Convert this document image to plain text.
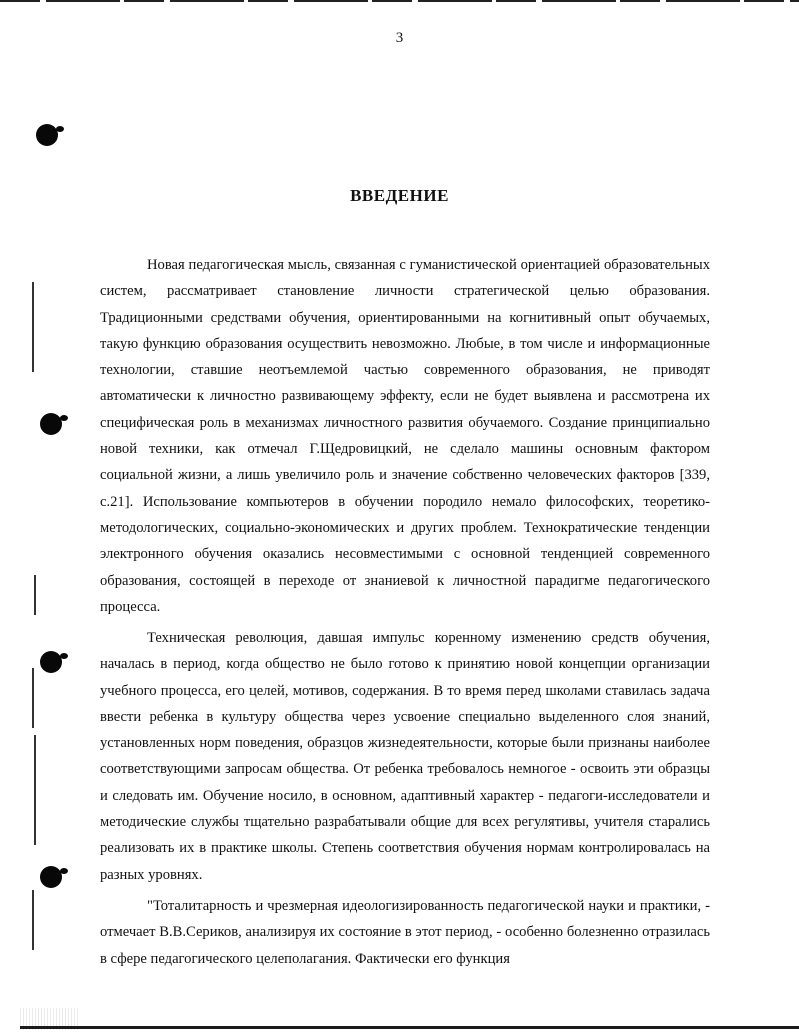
3
ВВЕДЕНИЕ

Новая педагогическая мысль, связанная с гуманистической ориентацией образовательных систем, рассматривает становление личности стратегической целью образования. Традиционными средствами обучения, ориентированными на когнитивный опыт обучаемых, такую функцию образования осуществить невозможно. Любые, в том числе и информационные технологии, ставшие неотъемлемой частью современного образования, не приводят автоматически к личностно развивающему эффекту, если не будет выявлена и рассмотрена их специфическая роль в механизмах личностного развития обучаемого. Создание принципиально новой техники, как отмечал Г.Щедровицкий, не сделало машины основным фактором социальной жизни, а лишь увеличило роль и значение собственно человеческих факторов [339, с.21]. Использование компьютеров в обучении породило немало философских, теоретико-методологических, социально-экономических и других проблем. Технократические тенденции электронного обучения оказались несовместимыми с основной тенденцией современного образования, состоящей в переходе от знаниевой к личностной парадигме педагогического процесса.

Техническая революция, давшая импульс коренному изменению средств обучения, началась в период, когда общество не было готово к принятию новой концепции организации учебного процесса, его целей, мотивов, содержания. В то время перед школами ставилась задача ввести ребенка в культуру общества через усвоение специально выделенного слоя знаний, установленных норм поведения, образцов жизнедеятельности, которые были признаны наиболее соответствующими запросам общества. От ребенка требовалось немногое - освоить эти образцы и следовать им. Обучение носило, в основном, адаптивный характер - педагоги-исследователи и методические службы тщательно разрабатывали общие для всех регулятивы, учителя старались реализовать их в практике школы. Степень соответствия обучения нормам контролировалась на разных уровнях.

"Тоталитарность и чрезмерная идеологизированность педагогической науки и практики, - отмечает В.В.Сериков, анализируя их состояние в этот период, - особенно болезненно отразилась в сфере педагогического целеполагания. Фактически его функция
